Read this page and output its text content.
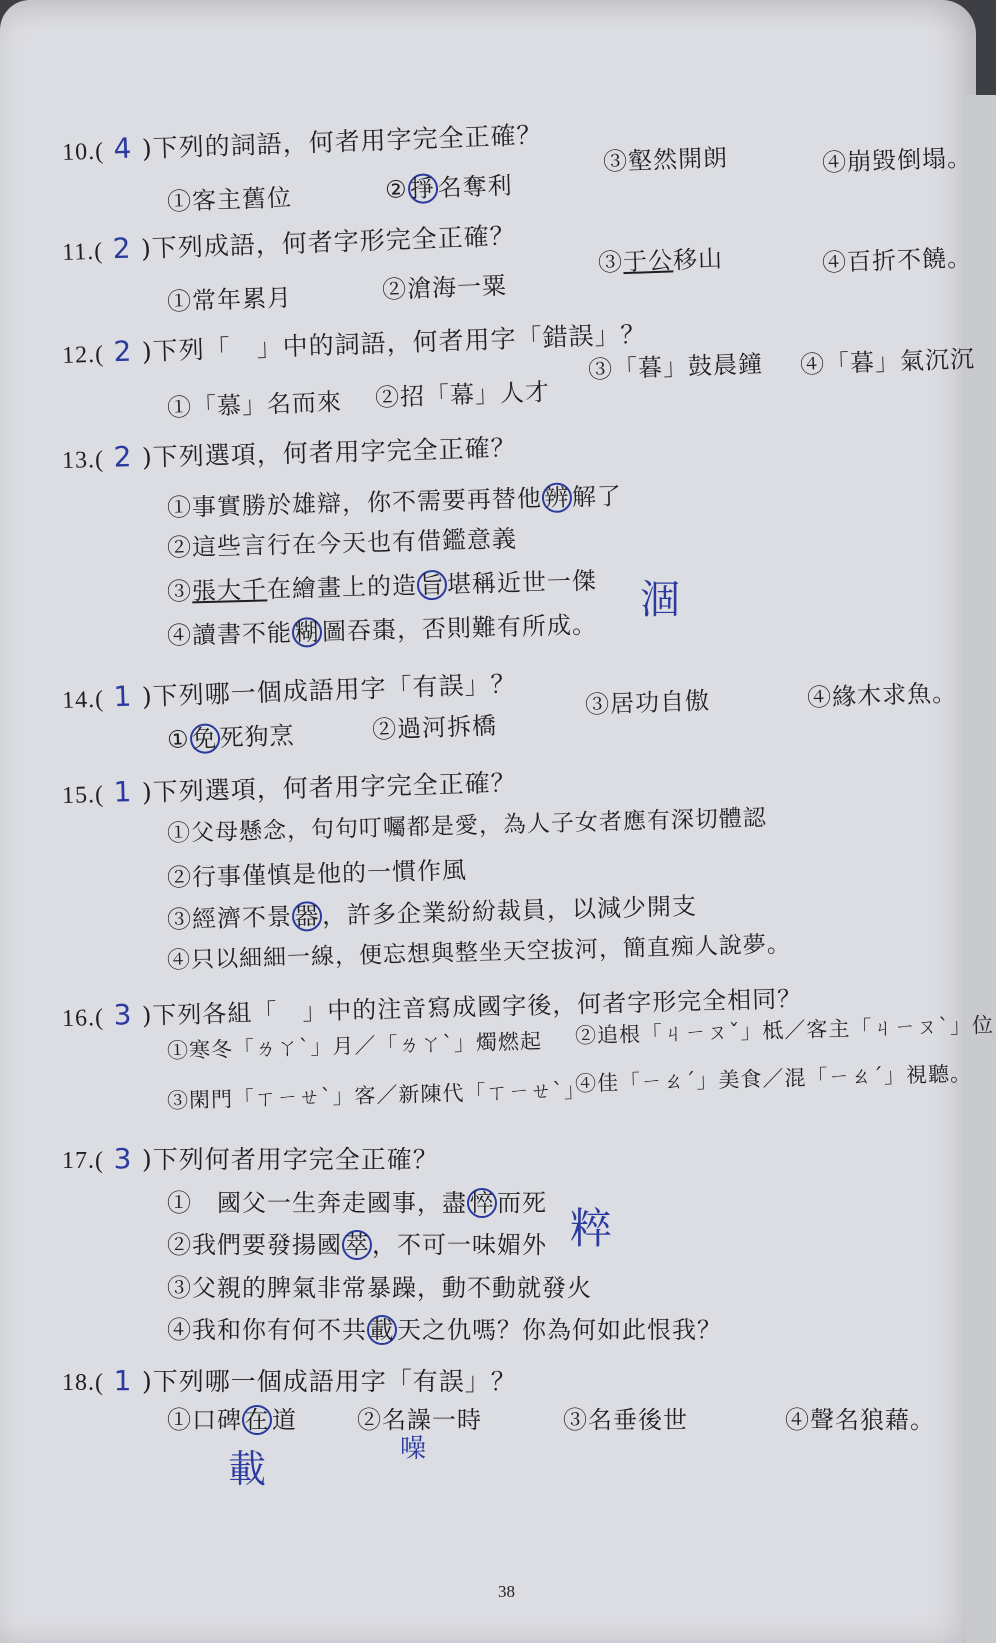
10.( 4 )下列的詞語，何者用字完全正確？
①客主舊位	②掙名奪利
③壑然開朗	④崩毀倒塌。
11.( 2 )下列成語，何者字形完全正確？
①常年累月	②滄海一粟
③于公移山	④百折不饒。
12.( 2 )下列「　」中的詞語，何者用字「錯誤」？
①「慕」名而來 ②招「幕」人才
③「暮」鼓晨鐘 ④「暮」氣沉沉
13.( 2 )下列選項，何者用字完全正確？
①事實勝於雄辯，你不需要再替他辨解了
②這些言行在今天也有借鑑意義
③張大千在繪畫上的造旨堪稱近世一傑
④讀書不能糊圖吞棗，否則難有所成。
涸
14.( 1 )下列哪一個成語用字「有誤」？
①免死狗烹	②過河拆橋
③居功自傲	④緣木求魚。
15.( 1 )下列選項，何者用字完全正確？
①父母懸念，句句叮囑都是愛，為人子女者應有深切體認
②行事僅慎是他的一慣作風
③經濟不景器，許多企業紛紛裁員，以減少開支
④只以細細一線，便忘想與整坐天空拔河，簡直痴人說夢。
16.( 3 )下列各組「　」中的注音寫成國字後，何者字形完全相同？
①寒冬「ㄌㄚˋ」月／「ㄌㄚˋ」燭燃起 ②追根「ㄐㄧㄡˇ」柢／客主「ㄐㄧㄡˋ」位
③閑門「ㄒㄧㄝˋ」客／新陳代「ㄒㄧㄝˋ」
④佳「ㄧㄠˊ」美食／混「ㄧㄠˊ」視聽。
17.( 3 )下列何者用字完全正確？
①　國父一生奔走國事，盡 悴 而死
②我們要發揚國 萃 ，不可一味媚外
③父親的脾氣非常暴躁，動不動就發火
④我和你有何不共 載 天之仇嗎？你為何如此恨我？
粹
18.( 1 )下列哪一個成語用字「有誤」？
①口碑 在 道	②名譟一時	③名垂後世	④聲名狼藉。
載	噪
38
